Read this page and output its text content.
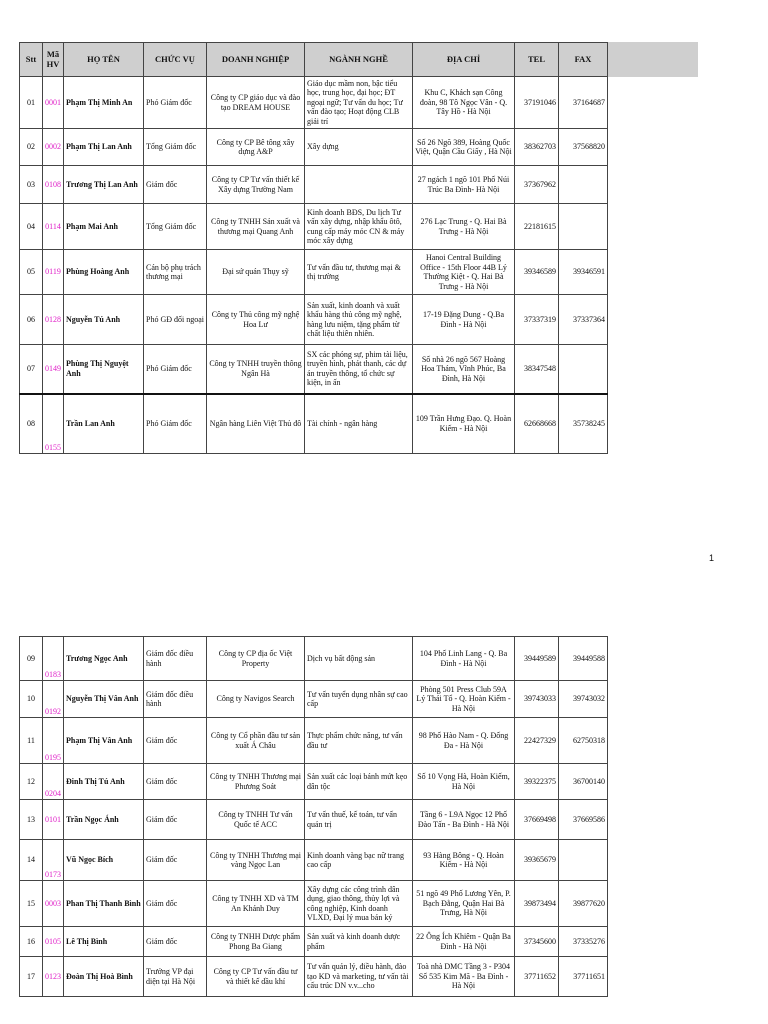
Stt	Mã HV	HỌ TÊN	CHỨC VỤ	DOANH NGHIỆP	NGÀNH NGHỀ	ĐỊA CHỈ	TEL	FAX	
01	0001	Phạm Thị Minh An	Phó Giám đốc	Công ty CP giáo dục và đào tạo DREAM HOUSE	Giáo dục mầm non, bậc tiểu học, trung học, đại học; ĐT ngoại ngữ; Tư vấn du học; Tư vấn đào tạo; Hoạt động CLB giải trí	Khu C, Khách sạn Công đoàn, 98 Tô Ngọc Vân - Q. Tây Hồ - Hà Nội	37191046	37164687	
02	0002	Phạm Thị Lan Anh	Tổng Giám đốc	Công ty CP Bê tông xây dựng A&P	Xây dựng	Số 26 Ngõ 389, Hoàng Quốc Việt, Quận Cầu Giấy , Hà Nội	38362703	37568820	
03	0108	Trương Thị Lan Anh	Giám đốc	Công ty CP Tư vấn thiết kế Xây dựng Trường Nam		27 ngách 1 ngõ 101 Phố Núi Trúc Ba Đình- Hà Nội	37367962		
04	0114	Phạm Mai Anh	Tổng Giám đốc	Công ty TNHH Sản xuất và thương mại Quang Anh	Kinh doanh BĐS, Du lịch Tư vấn xây dựng, nhập khẩu ôtô, cung cấp máy móc CN & máy móc xây dựng	276 Lạc Trung - Q. Hai Bà Trưng - Hà Nội	22181615		
05	0119	Phùng Hoàng Anh	Cán bộ phụ trách thương mại	Đại sứ quán Thụy sỹ	Tư vấn đầu tư, thương mại & thị trường	Hanoi Central Building Office - 15th Floor 44B Lý Thường Kiệt - Q. Hai Bà Trưng - Hà Nội	39346589	39346591	
06	0128	Nguyễn Tú Anh	Phó GĐ đối ngoại	Công ty Thủ công mỹ nghệ Hoa Lư	Sản xuất, kinh doanh và xuất khẩu hàng thủ công mỹ nghệ, hàng lưu niệm, tặng phẩm từ chất liệu thiên nhiên.	17-19 Đặng Dung - Q.Ba Đình - Hà Nội	37337319	37337364	
07	0149	Phùng Thị Nguyệt Anh	Phó Giám đốc	Công ty TNHH truyền thông Ngân Hà	SX các phóng sự, phim tài liệu, truyền hình, phát thanh, các dự án truyền thông, tổ chức sự kiện, in ấn	Số nhà 26 ngõ 567 Hoàng Hoa Thám, Vĩnh Phúc, Ba Đình, Hà Nội	38347548		
08	0155	Trần Lan Anh	Phó Giám đốc	Ngân hàng Liên Việt Thủ đô	Tài chính - ngân hàng	109 Trần Hưng Đạo. Q. Hoàn Kiếm - Hà Nội	62668668	35738245	
1
09	0183	Trương Ngọc Anh	Giám đốc điều hành	Công ty CP địa ốc Việt Property	Dịch vụ bất động sản	104 Phố Linh Lang - Q. Ba Đình - Hà Nội	39449589	39449588
10	0192	Nguyễn Thị Vân Anh	Giám đốc điều hành	Công ty Navigos Search	Tư vấn tuyển dụng nhân sự cao cấp	Phòng 501 Press Club 59A Lý Thái Tổ - Q. Hoàn Kiếm - Hà Nội	39743033	39743032
11	0195	Phạm Thị Vân Anh	Giám đốc	Công ty Cổ phần đầu tư sản xuất Á Châu	Thực phẩm chức năng, tư vấn đầu tư	98 Phố Hào Nam - Q. Đống Đa - Hà Nội	22427329	62750318
12	0204	Đinh Thị Tú Anh	Giám đốc	Công ty TNHH Thương mại Phương Soát	Sản xuất các loại bánh mứt kẹo dân tộc	Số 10 Vọng Hà, Hoàn Kiếm, Hà Nội	39322375	36700140
13	0101	Trần Ngọc Ánh	Giám đốc	Công ty TNHH Tư vấn Quốc tế ACC	Tư vấn thuế, kế toán, tư vấn quản trị	Tầng 6 - L9A Ngọc 12 Phố Đào Tấn - Ba Đình - Hà Nội	37669498	37669586
14	0173	Vũ Ngọc Bích	Giám đốc	Công ty TNHH Thương mại vàng Ngọc Lan	Kinh doanh vàng bạc nữ trang cao cấp	93 Hàng Bông - Q. Hoàn Kiếm - Hà Nội	39365679	
15	0003	Phan Thị Thanh Bình	Giám đốc	Công ty TNHH XD và TM An Khánh Duy	Xây dựng các công trình dân dụng, giao thông, thủy lợi và công nghiệp, Kinh doanh VLXD, Đại lý mua bán ký	51 ngõ 49 Phố Lương Yên, P. Bạch Đằng, Quận Hai Bà Trưng, Hà Nội	39873494	39877620
16	0105	Lê Thị Bình	Giám đốc	Công ty TNHH Dược phẩm Phong Ba Giang	Sản xuất và kinh doanh dược phẩm	22 Ông Ích Khiêm - Quận Ba Đình - Hà Nội	37345600	37335276
17	0123	Đoàn Thị Hoà Bình	Trưởng VP đại diện tại Hà Nội	Công ty CP Tư vấn đầu tư và thiết kế dầu khí	Tư vấn quản lý, điều hành, đào tạo KD và marketing, tư vấn tài cấu trúc DN v.v...cho	Toà nhà DMC Tầng 3 - P304 Số 535 Kim Mã - Ba Đình - Hà Nội	37711652	37711651
